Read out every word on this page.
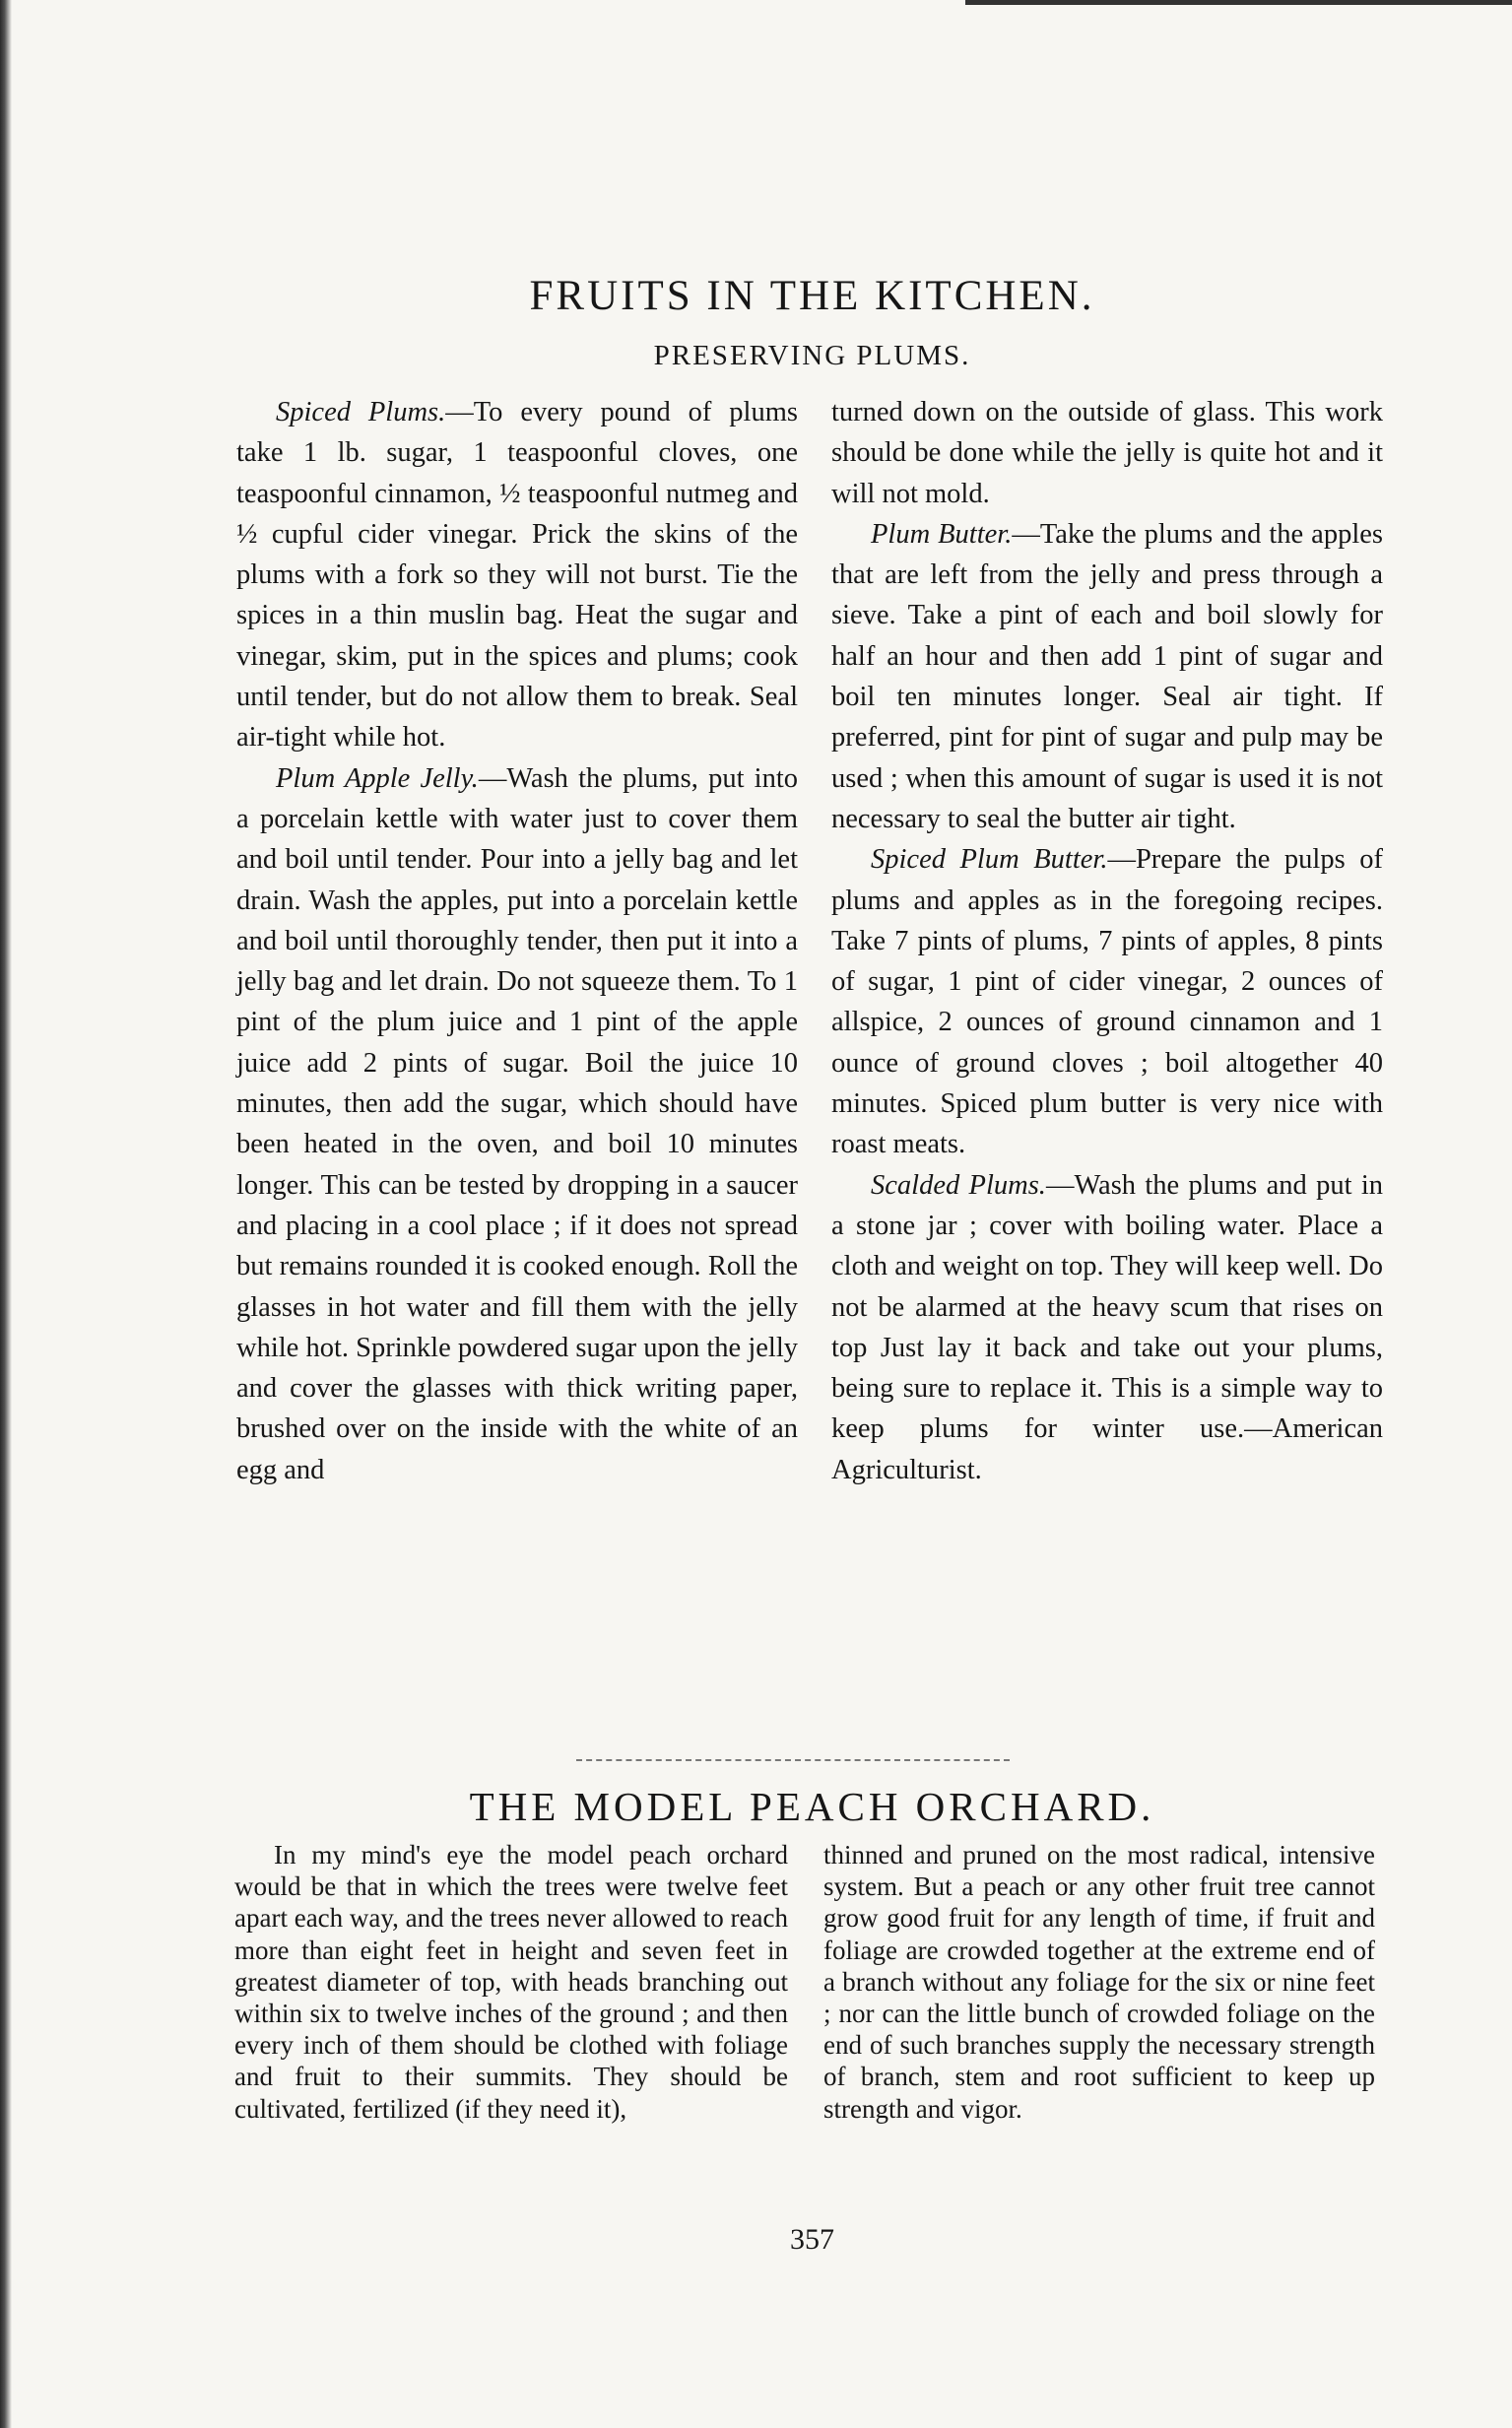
FRUITS IN THE KITCHEN.
PRESERVING PLUMS.

Spiced Plums.—To every pound of plums take 1 lb. sugar, 1 teaspoonful cloves, one teaspoonful cinnamon, ½ teaspoonful nutmeg and ½ cupful cider vinegar. Prick the skins of the plums with a fork so they will not burst. Tie the spices in a thin muslin bag. Heat the sugar and vinegar, skim, put in the spices and plums; cook until tender, but do not allow them to break. Seal air-tight while hot.

Plum Apple Jelly.—Wash the plums, put into a porcelain kettle with water just to cover them and boil until tender. Pour into a jelly bag and let drain. Wash the apples, put into a porcelain kettle and boil until thoroughly tender, then put it into a jelly bag and let drain. Do not squeeze them. To 1 pint of the plum juice and 1 pint of the apple juice add 2 pints of sugar. Boil the juice 10 minutes, then add the sugar, which should have been heated in the oven, and boil 10 minutes longer. This can be tested by dropping in a saucer and placing in a cool place ; if it does not spread but remains rounded it is cooked enough. Roll the glasses in hot water and fill them with the jelly while hot. Sprinkle powdered sugar upon the jelly and cover the glasses with thick writing paper, brushed over on the inside with the white of an egg and

turned down on the outside of glass. This work should be done while the jelly is quite hot and it will not mold.

Plum Butter.—Take the plums and the apples that are left from the jelly and press through a sieve. Take a pint of each and boil slowly for half an hour and then add 1 pint of sugar and boil ten minutes longer. Seal air tight. If preferred, pint for pint of sugar and pulp may be used ; when this amount of sugar is used it is not necessary to seal the butter air tight.

Spiced Plum Butter.—Prepare the pulps of plums and apples as in the foregoing recipes. Take 7 pints of plums, 7 pints of apples, 8 pints of sugar, 1 pint of cider vinegar, 2 ounces of allspice, 2 ounces of ground cinnamon and 1 ounce of ground cloves ; boil altogether 40 minutes. Spiced plum butter is very nice with roast meats.

Scalded Plums.—Wash the plums and put in a stone jar ; cover with boiling water. Place a cloth and weight on top. They will keep well. Do not be alarmed at the heavy scum that rises on top Just lay it back and take out your plums, being sure to replace it. This is a simple way to keep plums for winter use.—American Agriculturist.

THE MODEL PEACH ORCHARD.

In my mind's eye the model peach orchard would be that in which the trees were twelve feet apart each way, and the trees never allowed to reach more than eight feet in height and seven feet in greatest diameter of top, with heads branching out within six to twelve inches of the ground ; and then every inch of them should be clothed with foliage and fruit to their summits. They should be cultivated, fertilized (if they need it),

thinned and pruned on the most radical, intensive system. But a peach or any other fruit tree cannot grow good fruit for any length of time, if fruit and foliage are crowded together at the extreme end of a branch without any foliage for the six or nine feet ; nor can the little bunch of crowded foliage on the end of such branches supply the necessary strength of branch, stem and root sufficient to keep up strength and vigor.

357
